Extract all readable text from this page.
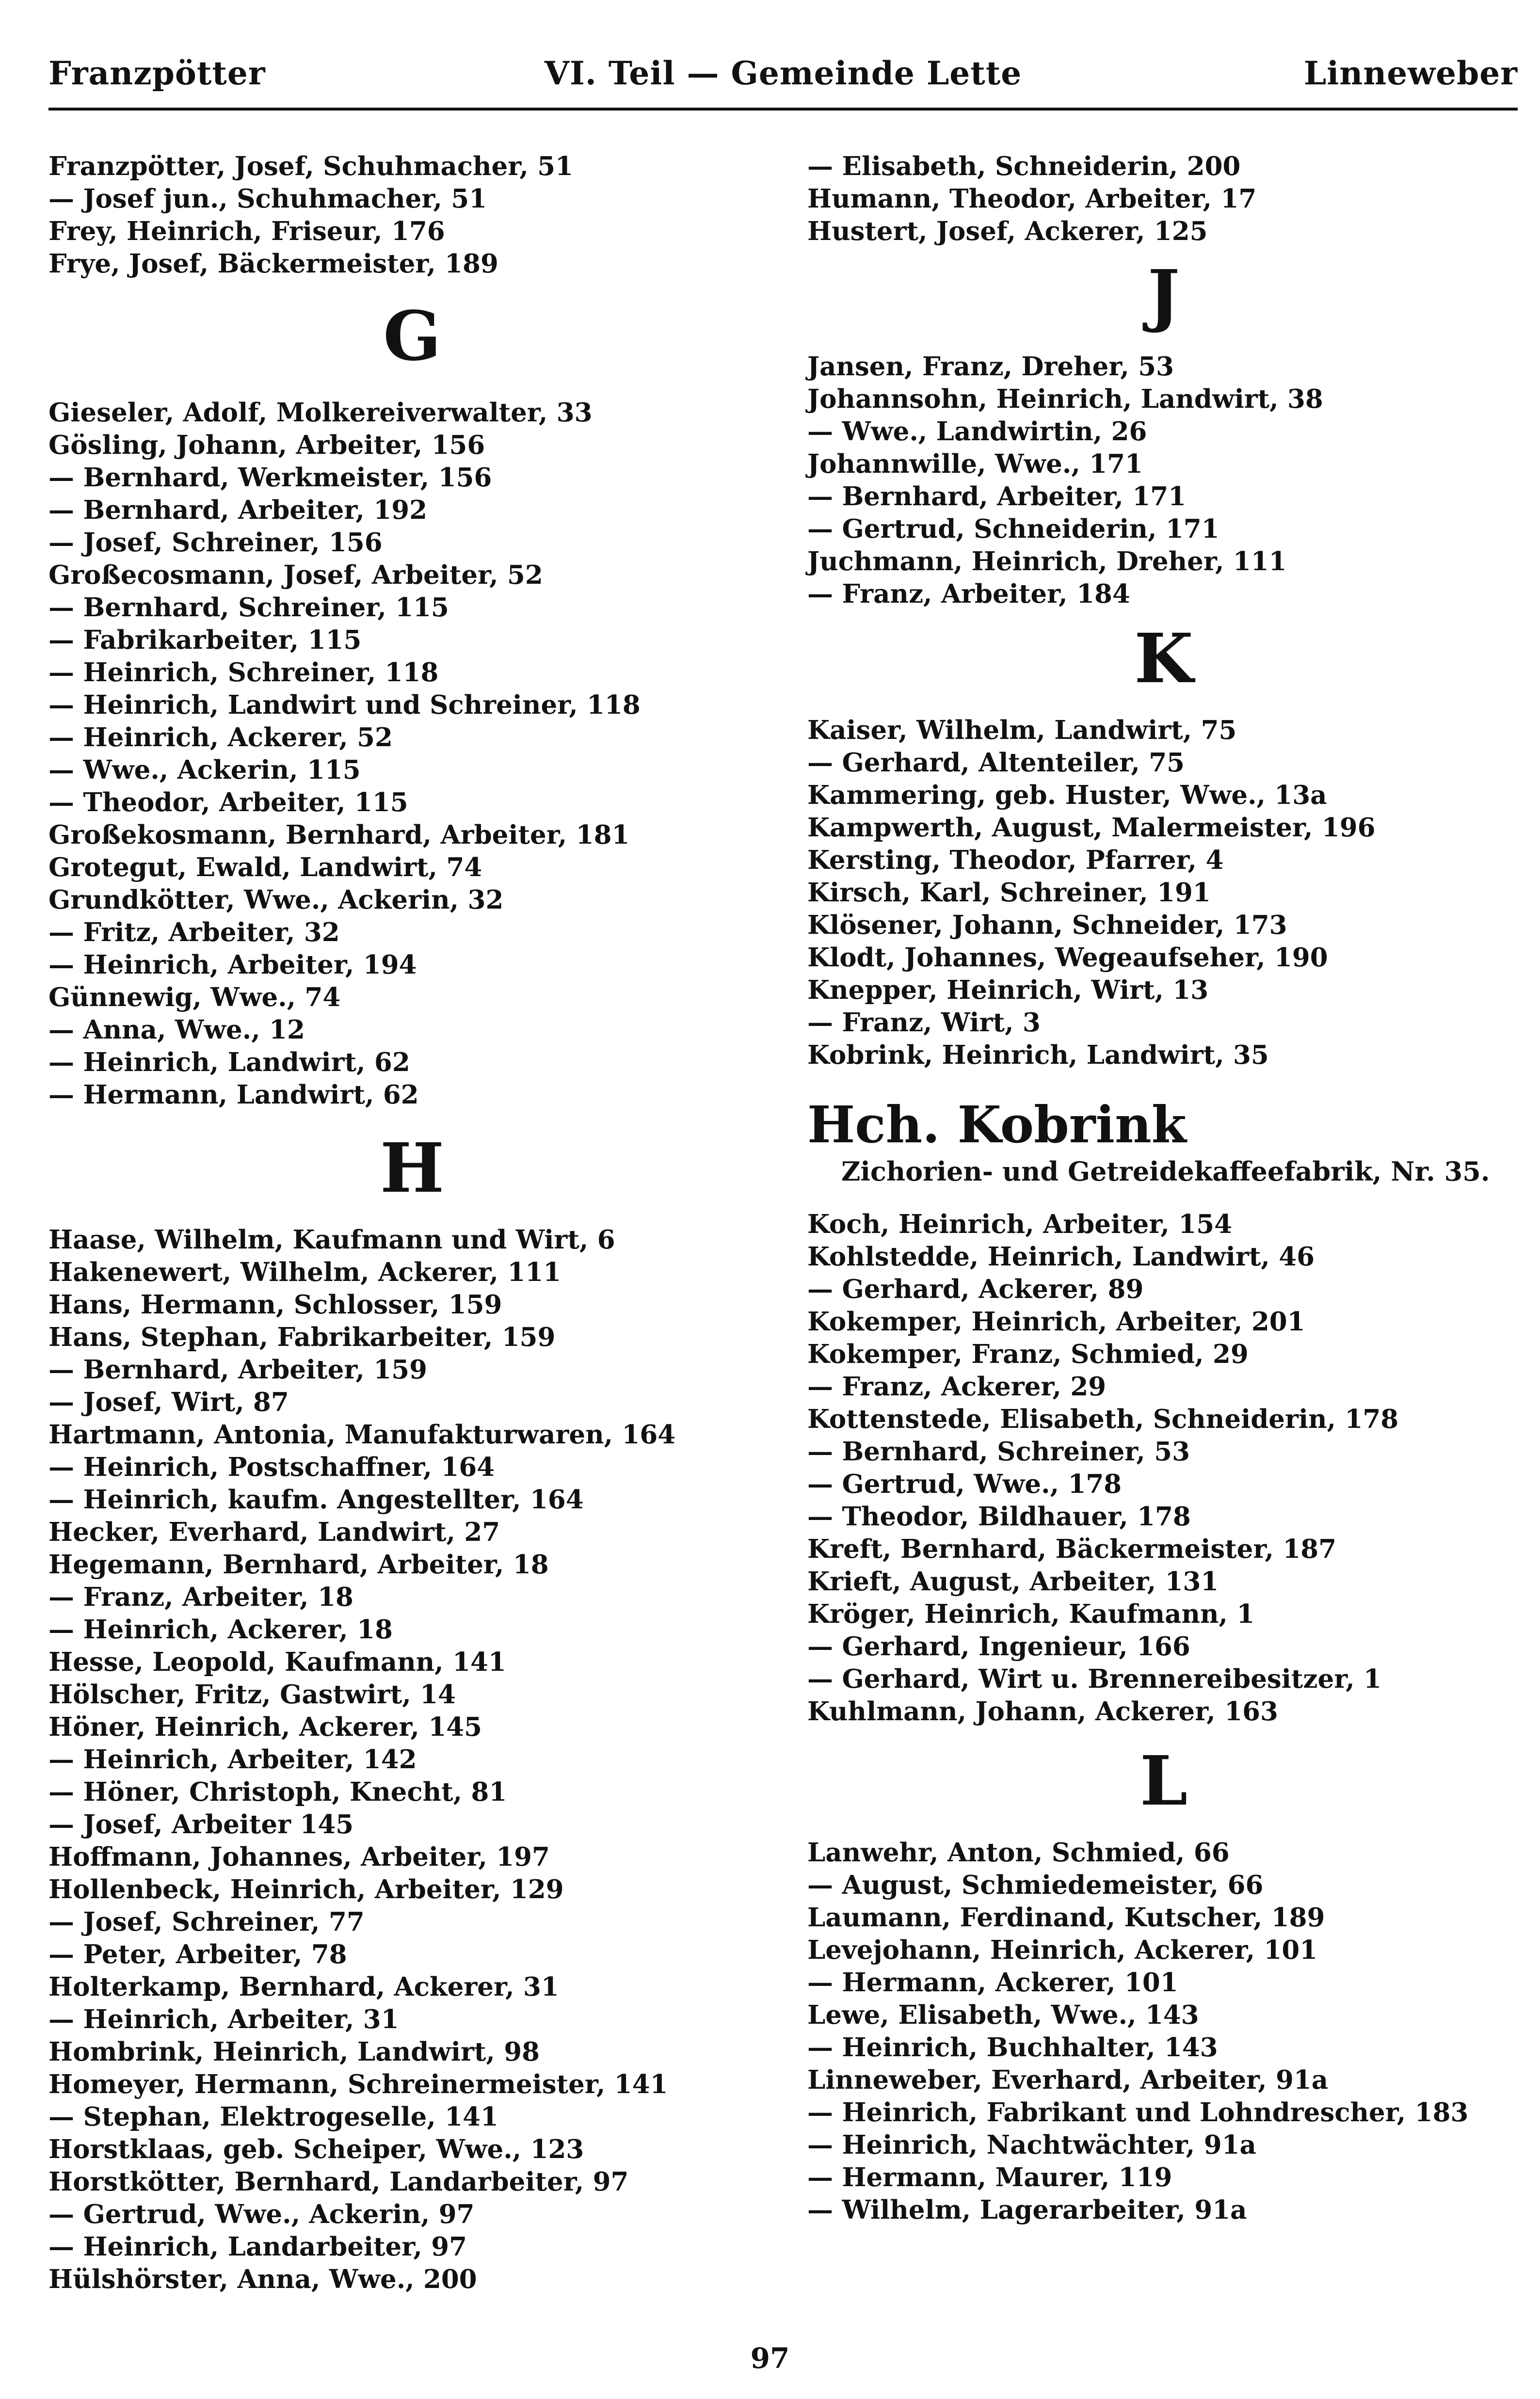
Franzpötter	VI. Teil — Gemeinde Lette	Linneweber
Franzpötter, Josef, Schuhmacher, 51
— Josef jun., Schuhmacher, 51
Frey, Heinrich, Friseur, 176
Frye, Josef, Bäckermeister, 189
G
Gieseler, Adolf, Molkereiverwalter, 33
Gösling, Johann, Arbeiter, 156
— Bernhard, Werkmeister, 156
— Bernhard, Arbeiter, 192
— Josef, Schreiner, 156
Großecosmann, Josef, Arbeiter, 52
— Bernhard, Schreiner, 115
— Fabrikarbeiter, 115
— Heinrich, Schreiner, 118
— Heinrich, Landwirt und Schreiner, 118
— Heinrich, Ackerer, 52
— Wwe., Ackerin, 115
— Theodor, Arbeiter, 115
Großekosmann, Bernhard, Arbeiter, 181
Grotegut, Ewald, Landwirt, 74
Grundkötter, Wwe., Ackerin, 32
— Fritz, Arbeiter, 32
— Heinrich, Arbeiter, 194
Günnewig, Wwe., 74
— Anna, Wwe., 12
— Heinrich, Landwirt, 62
— Hermann, Landwirt, 62
H
Haase, Wilhelm, Kaufmann und Wirt, 6
Hakenewert, Wilhelm, Ackerer, 111
Hans, Hermann, Schlosser, 159
Hans, Stephan, Fabrikarbeiter, 159
— Bernhard, Arbeiter, 159
— Josef, Wirt, 87
Hartmann, Antonia, Manufakturwaren, 164
— Heinrich, Postschaffner, 164
— Heinrich, kaufm. Angestellter, 164
Hecker, Everhard, Landwirt, 27
Hegemann, Bernhard, Arbeiter, 18
— Franz, Arbeiter, 18
— Heinrich, Ackerer, 18
Hesse, Leopold, Kaufmann, 141
Hölscher, Fritz, Gastwirt, 14
Höner, Heinrich, Ackerer, 145
— Heinrich, Arbeiter, 142
— Höner, Christoph, Knecht, 81
— Josef, Arbeiter 145
Hoffmann, Johannes, Arbeiter, 197
Hollenbeck, Heinrich, Arbeiter, 129
— Josef, Schreiner, 77
— Peter, Arbeiter, 78
Holterkamp, Bernhard, Ackerer, 31
— Heinrich, Arbeiter, 31
Hombrink, Heinrich, Landwirt, 98
Homeyer, Hermann, Schreinermeister, 141
— Stephan, Elektrogeselle, 141
Horstklaas, geb. Scheiper, Wwe., 123
Horstkötter, Bernhard, Landarbeiter, 97
— Gertrud, Wwe., Ackerin, 97
— Heinrich, Landarbeiter, 97
Hülshörster, Anna, Wwe., 200
— Elisabeth, Schneiderin, 200
Humann, Theodor, Arbeiter, 17
Hustert, Josef, Ackerer, 125
J
Jansen, Franz, Dreher, 53
Johannsohn, Heinrich, Landwirt, 38
— Wwe., Landwirtin, 26
Johannwille, Wwe., 171
— Bernhard, Arbeiter, 171
— Gertrud, Schneiderin, 171
Juchmann, Heinrich, Dreher, 111
— Franz, Arbeiter, 184
K
Kaiser, Wilhelm, Landwirt, 75
— Gerhard, Altenteiler, 75
Kammering, geb. Huster, Wwe., 13a
Kampwerth, August, Malermeister, 196
Kersting, Theodor, Pfarrer, 4
Kirsch, Karl, Schreiner, 191
Klösener, Johann, Schneider, 173
Klodt, Johannes, Wegeaufseher, 190
Knepper, Heinrich, Wirt, 13
— Franz, Wirt, 3
Kobrink, Heinrich, Landwirt, 35
Hch. Kobrink
Zichorien- und Getreidekaffeefabrik, Nr. 35.
Koch, Heinrich, Arbeiter, 154
Kohlstedde, Heinrich, Landwirt, 46
— Gerhard, Ackerer, 89
Kokemper, Heinrich, Arbeiter, 201
Kokemper, Franz, Schmied, 29
— Franz, Ackerer, 29
Kottenstede, Elisabeth, Schneiderin, 178
— Bernhard, Schreiner, 53
— Gertrud, Wwe., 178
— Theodor, Bildhauer, 178
Kreft, Bernhard, Bäckermeister, 187
Krieft, August, Arbeiter, 131
Kröger, Heinrich, Kaufmann, 1
— Gerhard, Ingenieur, 166
— Gerhard, Wirt u. Brennereibesitzer, 1
Kuhlmann, Johann, Ackerer, 163
L
Lanwehr, Anton, Schmied, 66
— August, Schmiedemeister, 66
Laumann, Ferdinand, Kutscher, 189
Levejohann, Heinrich, Ackerer, 101
— Hermann, Ackerer, 101
Lewe, Elisabeth, Wwe., 143
— Heinrich, Buchhalter, 143
Linneweber, Everhard, Arbeiter, 91a
— Heinrich, Fabrikant und Lohndrescher, 183
— Heinrich, Nachtwächter, 91a
— Hermann, Maurer, 119
— Wilhelm, Lagerarbeiter, 91a
97
